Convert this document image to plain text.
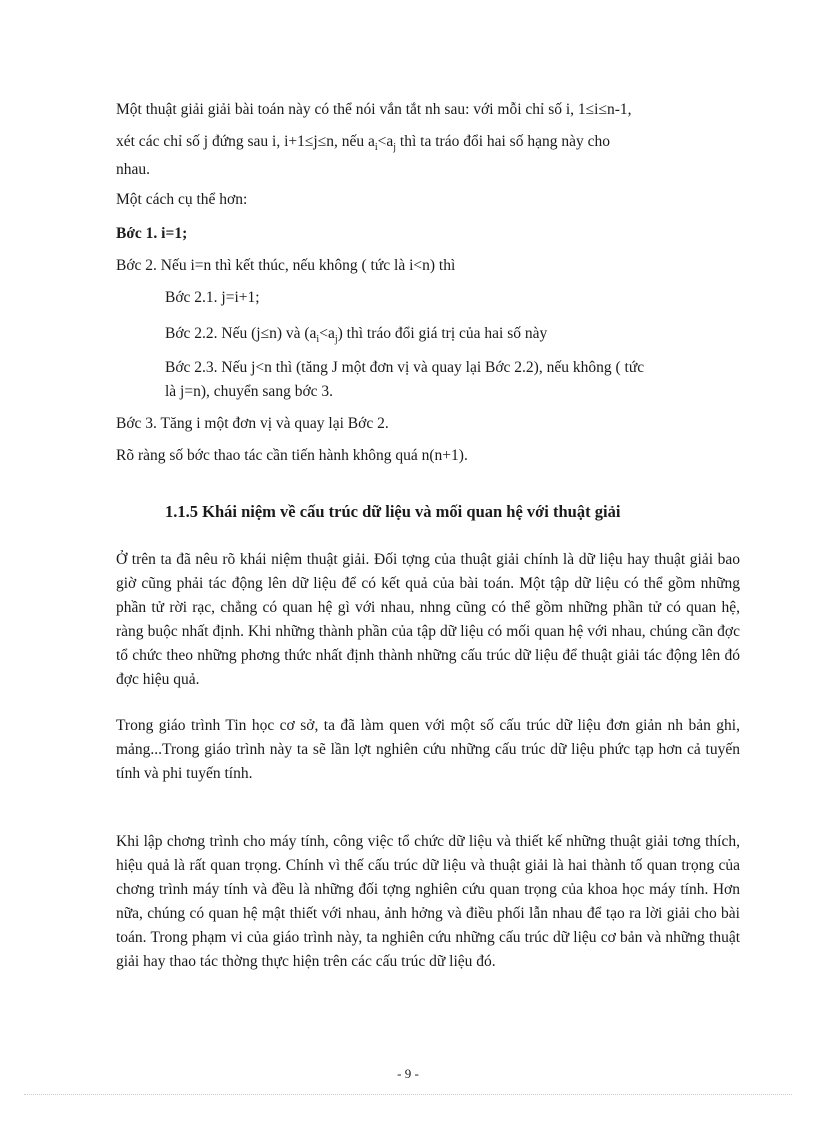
Một thuật giải giải bài toán này có thể nói vắn tắt nh sau: với mỗi chỉ số i, 1≤i≤n-1,
xét các chỉ số j đứng sau i, i+1≤j≤n, nếu $a_i<a_j$ thì ta tráo đổi hai số hạng này cho
nhau.
Một cách cụ thể hơn:
Bớc 1. i=1;
Bớc 2. Nếu i=n thì kết thúc, nếu không ( tức là i<n) thì
Bớc 2.1. j=i+1;
Bớc 2.2. Nếu (j≤n) và $(a_i<a_j)$ thì tráo đổi giá trị của hai số này
Bớc 2.3. Nếu j<n thì (tăng J một đơn vị và quay lại Bớc 2.2), nếu không ( tức
là j=n), chuyển sang bớc 3.
Bớc 3. Tăng i một đơn vị và quay lại Bớc 2.
Rõ ràng số bớc thao tác cần tiến hành không quá n(n+1).
1.1.5 Khái niệm về cấu trúc dữ liệu và mối quan hệ với thuật giải

Ở trên ta đã nêu rõ khái niệm thuật giải. Đối tợng của thuật giải chính là dữ liệu hay thuật giải bao giờ cũng phải tác động lên dữ liệu để có kết quả của bài toán. Một tập dữ liệu có thể gồm những phần tử rời rạc, chẳng có quan hệ gì với nhau, nhng cũng có thể gồm những phần tử có quan hệ, ràng buộc nhất định. Khi những thành phần của tập dữ liệu có mối quan hệ với nhau, chúng cần đợc tổ chức theo những phơng thức nhất định thành những cấu trúc dữ liệu để thuật giải tác động lên đó đợc hiệu quả.

Trong giáo trình Tin học cơ sở, ta đã làm quen với một số cấu trúc dữ liệu đơn giản nh bản ghi, mảng...Trong giáo trình này ta sẽ lần lợt nghiên cứu những cấu trúc dữ liệu phức tạp hơn cả tuyến tính và phi tuyến tính.

Khi lập chơng trình cho máy tính, công việc tổ chức dữ liệu và thiết kế những thuật giải tơng thích, hiệu quả là rất quan trọng. Chính vì thế cấu trúc dữ liệu và thuật giải là hai thành tố quan trọng của chơng trình máy tính và đều là những đối tợng nghiên cứu quan trọng của khoa học máy tính. Hơn nữa, chúng có quan hệ mật thiết với nhau, ảnh hởng và điều phối lẫn nhau để tạo ra lời giải cho bài toán. Trong phạm vi của giáo trình này, ta nghiên cứu những cấu trúc dữ liệu cơ bản và những thuật giải hay thao tác thờng thực hiện trên các cấu trúc dữ liệu đó.

- 9 -
